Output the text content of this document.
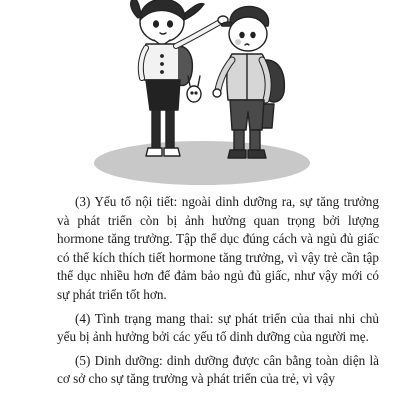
(3) Yếu tố nội tiết: ngoài dinh dưỡng ra, sự tăng trưởng và phát triển còn bị ảnh hưởng quan trọng bởi lượng hormone tăng trưởng. Tập thể dục đúng cách và ngủ đủ giấc có thể kích thích tiết hormone tăng trưởng, vì vậy trẻ cần tập thể dục nhiều hơn để đảm bảo ngủ đủ giấc, như vậy mới có sự phát triển tốt hơn.

(4) Tình trạng mang thai: sự phát triển của thai nhi chủ yếu bị ảnh hưởng bởi các yếu tố dinh dưỡng của người mẹ.

(5) Dinh dưỡng: dinh dưỡng được cân bằng toàn diện là cơ sở cho sự tăng trưởng và phát triển của trẻ, vì vậy
